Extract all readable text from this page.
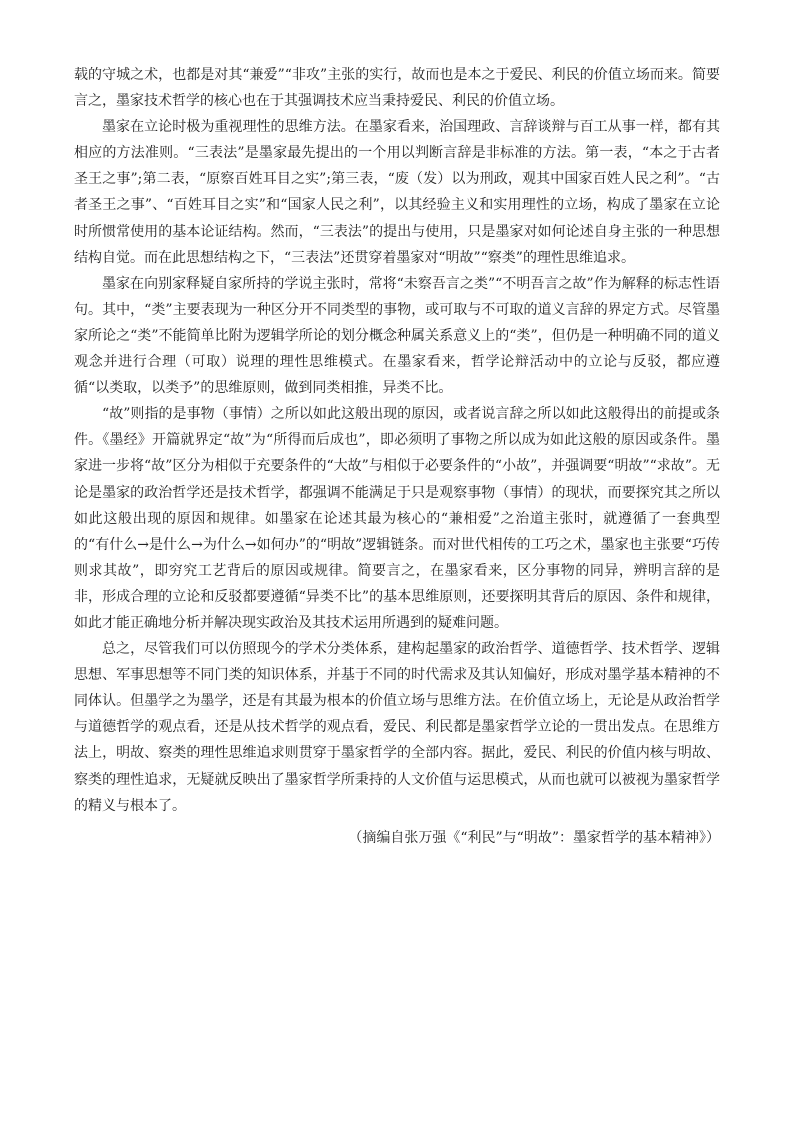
载的守城之术，也都是对其“兼爱”“非攻”主张的实行，故而也是本之于爱民、利民的价值立场而来。简要言之，墨家技术哲学的核心也在于其强调技术应当秉持爱民、利民的价值立场。

墨家在立论时极为重视理性的思维方法。在墨家看来，治国理政、言辞谈辩与百工从事一样，都有其相应的方法准则。“三表法”是墨家最先提出的一个用以判断言辞是非标准的方法。第一表，“本之于古者圣王之事”;第二表，“原察百姓耳目之实”;第三表，“废（发）以为刑政，观其中国家百姓人民之利”。“古者圣王之事”、“百姓耳目之实”和“国家人民之利”，以其经验主义和实用理性的立场，构成了墨家在立论时所惯常使用的基本论证结构。然而，“三表法”的提出与使用，只是墨家对如何论述自身主张的一种思想结构自觉。而在此思想结构之下，“三表法”还贯穿着墨家对“明故”“察类”的理性思维追求。

墨家在向别家释疑自家所持的学说主张时，常将“未察吾言之类”“不明吾言之故”作为解释的标志性语句。其中，“类”主要表现为一种区分开不同类型的事物，或可取与不可取的道义言辞的界定方式。尽管墨家所论之“类”不能简单比附为逻辑学所论的划分概念种属关系意义上的“类”，但仍是一种明确不同的道义观念并进行合理（可取）说理的理性思维模式。在墨家看来，哲学论辩活动中的立论与反驳，都应遵循“以类取，以类予”的思维原则，做到同类相推，异类不比。

“故”则指的是事物（事情）之所以如此这般出现的原因，或者说言辞之所以如此这般得出的前提或条件。《墨经》开篇就界定“故”为“所得而后成也”，即必须明了事物之所以成为如此这般的原因或条件。墨家进一步将“故”区分为相似于充要条件的“大故”与相似于必要条件的“小故”，并强调要“明故”“求故”。无论是墨家的政治哲学还是技术哲学，都强调不能满足于只是观察事物（事情）的现状，而要探究其之所以如此这般出现的原因和规律。如墨家在论述其最为核心的“兼相爱”之治道主张时，就遵循了一套典型的“有什么→是什么→为什么→如何办”的“明故”逻辑链条。而对世代相传的工巧之术，墨家也主张要“巧传则求其故”，即穷究工艺背后的原因或规律。简要言之，在墨家看来，区分事物的同异，辨明言辞的是非，形成合理的立论和反驳都要遵循“异类不比”的基本思维原则，还要探明其背后的原因、条件和规律，如此才能正确地分析并解决现实政治及其技术运用所遇到的疑难问题。

总之，尽管我们可以仿照现今的学术分类体系，建构起墨家的政治哲学、道德哲学、技术哲学、逻辑思想、军事思想等不同门类的知识体系，并基于不同的时代需求及其认知偏好，形成对墨学基本精神的不同体认。但墨学之为墨学，还是有其最为根本的价值立场与思维方法。在价值立场上，无论是从政治哲学与道德哲学的观点看，还是从技术哲学的观点看，爱民、利民都是墨家哲学立论的一贯出发点。在思维方法上，明故、察类的理性思维追求则贯穿于墨家哲学的全部内容。据此，爱民、利民的价值内核与明故、察类的理性追求，无疑就反映出了墨家哲学所秉持的人文价值与运思模式，从而也就可以被视为墨家哲学的精义与根本了。

（摘编自张万强《“利民”与“明故”：墨家哲学的基本精神》）
